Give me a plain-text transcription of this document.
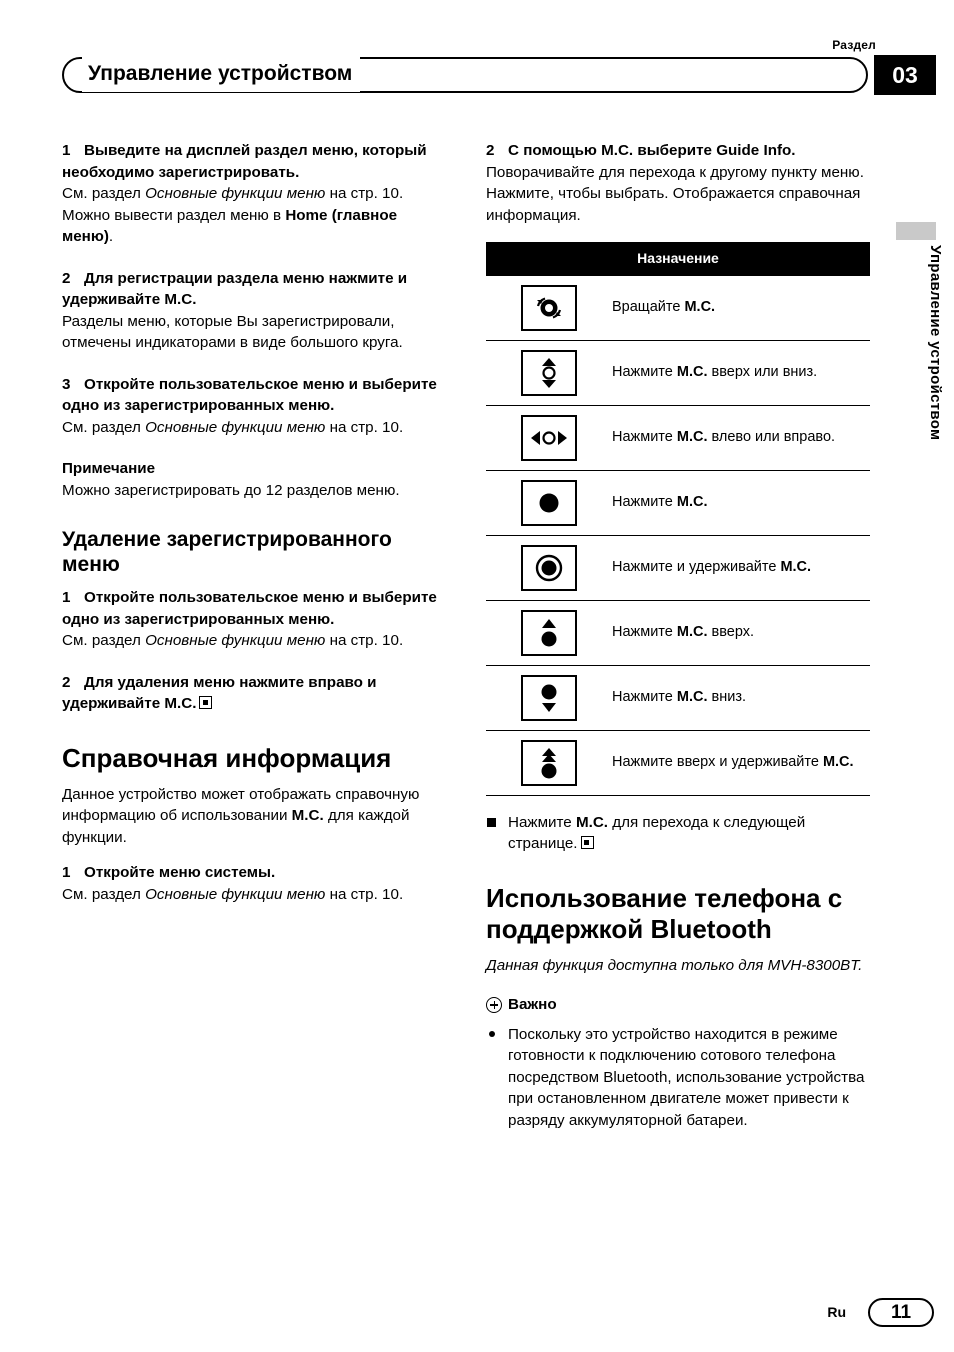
Раздел
03
Управление устройством
Управление устройством

1 Выведите на дисплей раздел меню, который необходимо зарегистрировать.

См. раздел Основные функции меню на стр. 10.

Можно вывести раздел меню в Home (главное меню).

2 Для регистрации раздела меню нажмите и удерживайте M.C.

Разделы меню, которые Вы зарегистрировали, отмечены индикаторами в виде большого круга.

3 Откройте пользовательское меню и выберите одно из зарегистрированных меню.

См. раздел Основные функции меню на стр. 10.

Примечание

Можно зарегистрировать до 12 разделов меню.

Удаление зарегистрированного меню

1 Откройте пользовательское меню и выберите одно из зарегистрированных меню.

См. раздел Основные функции меню на стр. 10.

2 Для удаления меню нажмите вправо и удерживайте M.C.

Справочная информация

Данное устройство может отображать справочную информацию об использовании M.C. для каждой функции.

1 Откройте меню системы.

См. раздел Основные функции меню на стр. 10.

2 С помощью M.C. выберите Guide Info.

Поворачивайте для перехода к другому пункту меню. Нажмите, чтобы выбрать. Отображается справочная информация.

Назначение	

	Вращайте M.C.

	Нажмите M.C. вверх или вниз.

	Нажмите M.C. влево или вправо.

	Нажмите M.C.

	Нажмите и удерживайте M.C.

	Нажмите M.C. вверх.

	Нажмите M.C. вниз.

	Нажмите вверх и удерживайте M.C.
Нажмите M.C. для перехода к следующей странице.
Использование телефона с поддержкой Bluetooth

Данная функция доступна только для MVH-8300BT.

Важно
Поскольку это устройство находится в режиме готовности к подключению сотового телефона посредством Bluetooth, использование устройства при остановленном двигателе может привести к разряду аккумуляторной батареи.
Ru	11
